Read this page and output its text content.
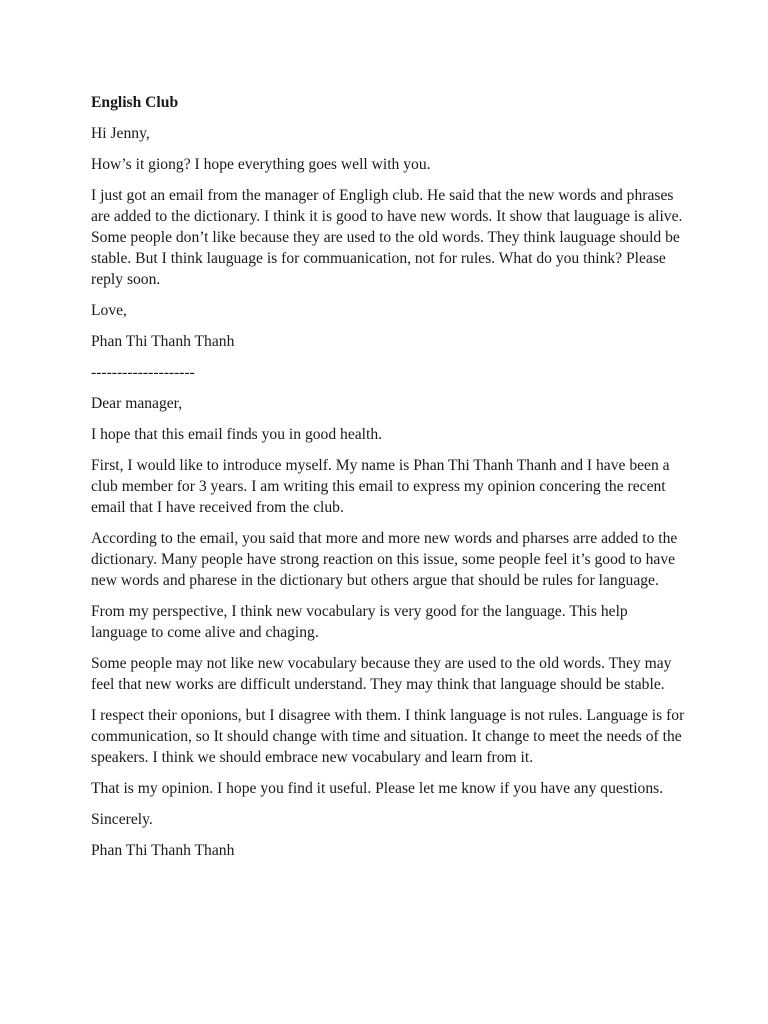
English Club

Hi Jenny,

How’s it giong? I hope everything goes well with you.

I just got an email from the manager of Engligh club. He said that the new words and phrases are added to the dictionary. I think it is good to have new words. It show that lauguage is alive. Some people don’t like because they are used to the old words. They think lauguage should be stable. But I think lauguage is for commuanication, not for rules. What do you think? Please reply soon.

Love,

Phan Thi Thanh Thanh

--------------------

Dear manager,

I hope that this email finds you in good health.

First, I would like to introduce myself. My name is Phan Thi Thanh Thanh and I have been a club member for 3 years. I am writing this email to express my opinion concering the recent email that I have received from the club.

According to the email, you said that more and more new words and pharses arre added to the dictionary. Many people have strong reaction on this issue, some people feel it’s good to have new words and pharese in the dictionary but others argue that should be rules for language.

From my perspective, I think new vocabulary is very good for the language. This help language to come alive and chaging.

Some people may not like new vocabulary because they are used to the old words. They may feel that new works are difficult understand. They may think that language should be stable.

I respect their oponions, but I disagree with them. I think language is not rules. Language is for communication, so It should change with time and situation. It change to meet the needs of the speakers. I think we should embrace new vocabulary and learn from it.

That is my opinion. I hope you find it useful. Please let me know if you have any questions.

Sincerely.

Phan Thi Thanh Thanh
